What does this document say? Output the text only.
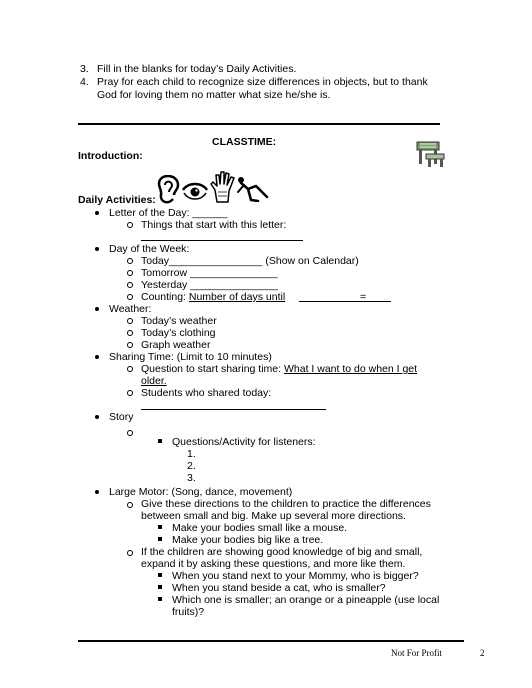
3. Fill in the blanks for today’s Daily Activities.
4. Pray for each child to recognize size differences in objects, but to thank
God for loving them no matter what size he/she is.
CLASSTIME:
Introduction:
Daily Activities:
Letter of the Day: ______
Things that start with this letter:
Day of the Week:
Today________________ (Show on Calendar)
Tomorrow _______________
Yesterday _______________
Counting: Number of days until	=
Weather:
Today’s weather
Today’s clothing
Graph weather
Sharing Time: (Limit to 10 minutes)
Question to start sharing time: What I want to do when I get
older.
Students who shared today:
Story
Questions/Activity for listeners:
1.
2.
3.
Large Motor: (Song, dance, movement)
Give these directions to the children to practice the differences
between small and big. Make up several more directions.
Make your bodies small like a mouse.
Make your bodies big like a tree.
If the children are showing good knowledge of big and small,
expand it by asking these questions, and more like them.
When you stand next to your Mommy, who is bigger?
When you stand beside a cat, who is smaller?
Which one is smaller; an orange or a pineapple (use local
fruits)?
Not For Profit	2
